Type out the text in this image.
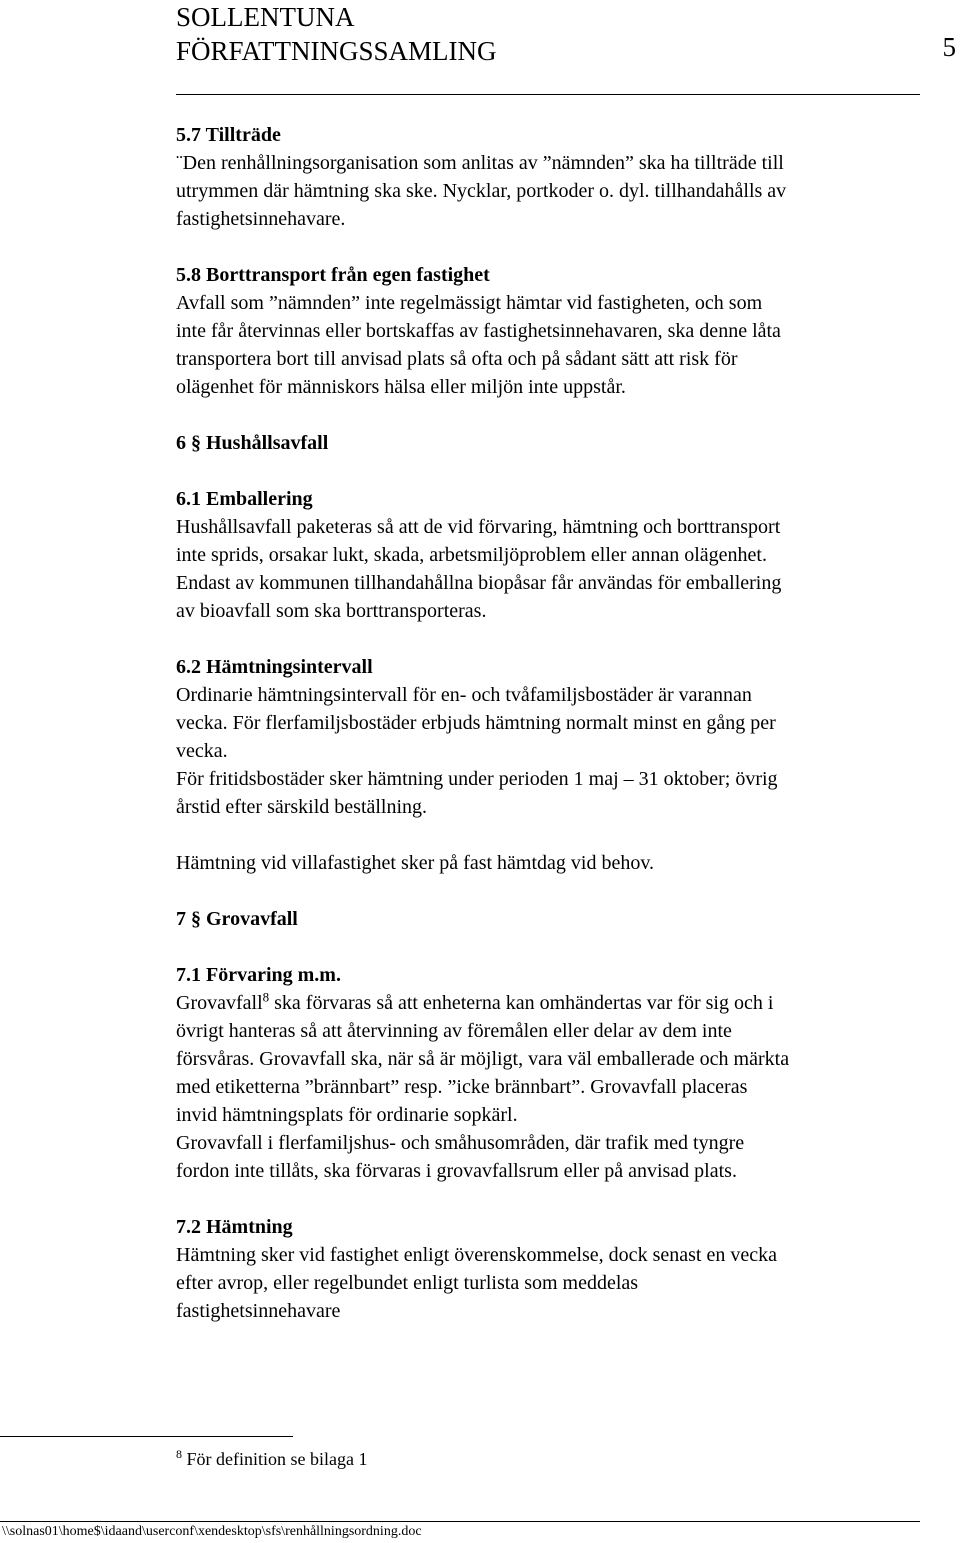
SOLLENTUNA
FÖRFATTNINGSSAMLING	5
5.7 Tillträde
¨Den renhållningsorganisation som anlitas av ”nämnden” ska ha tillträde till
utrymmen där hämtning ska ske. Nycklar, portkoder o. dyl. tillhandahålls av
fastighetsinnehavare.
5.8 Borttransport från egen fastighet
Avfall som ”nämnden” inte regelmässigt hämtar vid fastigheten, och som
inte får återvinnas eller bortskaffas av fastighetsinnehavaren, ska denne låta
transportera bort till anvisad plats så ofta och på sådant sätt att risk för
olägenhet för människors hälsa eller miljön inte uppstår.
6 § Hushållsavfall
6.1 Emballering
Hushållsavfall paketeras så att de vid förvaring, hämtning och borttransport
inte sprids, orsakar lukt, skada, arbetsmiljöproblem eller annan olägenhet.
Endast av kommunen tillhandahållna biopåsar får användas för emballering
av bioavfall som ska borttransporteras.
6.2 Hämtningsintervall
Ordinarie hämtningsintervall för en- och tvåfamiljsbostäder är varannan
vecka. För flerfamiljsbostäder erbjuds hämtning normalt minst en gång per
vecka.
För fritidsbostäder sker hämtning under perioden 1 maj – 31 oktober; övrig
årstid efter särskild beställning.
Hämtning vid villafastighet sker på fast hämtdag vid behov.
7 § Grovavfall
7.1 Förvaring m.m.
Grovavfall$^8$ ska förvaras så att enheterna kan omhändertas var för sig och i
övrigt hanteras så att återvinning av föremålen eller delar av dem inte
försvåras. Grovavfall ska, när så är möjligt, vara väl emballerade och märkta
med etiketterna ”brännbart” resp. ”icke brännbart”. Grovavfall placeras
invid hämtningsplats för ordinarie sopkärl.
Grovavfall i flerfamiljshus- och småhusområden, där trafik med tyngre
fordon inte tillåts, ska förvaras i grovavfallsrum eller på anvisad plats.
7.2 Hämtning
Hämtning sker vid fastighet enligt överenskommelse, dock senast en vecka
efter avrop, eller regelbundet enligt turlista som meddelas
fastighetsinnehavare
$^8$ För definition se bilaga 1
\\solnas01\home$\idaand\userconf\xendesktop\sfs\renhållningsordning.doc
